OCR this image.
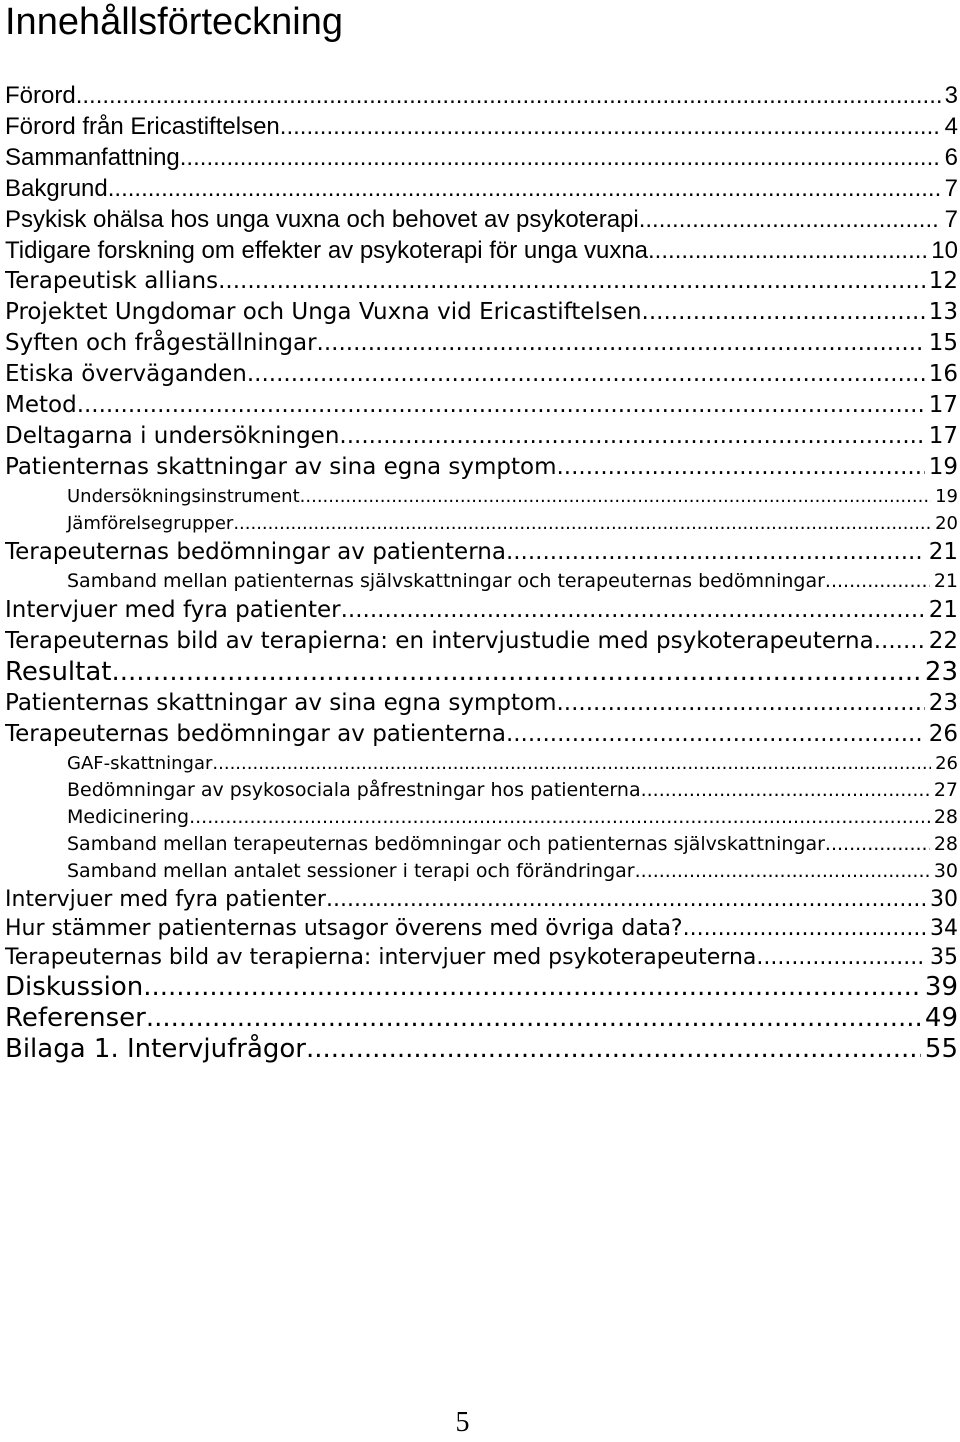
Innehållsförteckning
Förord .....	3
Förord från Ericastiftelsen .....	4
Sammanfattning .....	6
Bakgrund .....	7
Psykisk ohälsa hos unga vuxna och behovet av psykoterapi .....	7
Tidigare forskning om effekter av psykoterapi för unga vuxna .....	10
Terapeutisk allians .....	12
Projektet Ungdomar och Unga Vuxna vid Ericastiftelsen .....	13
Syften och frågeställningar .....	15
Etiska överväganden .....	16
Metod .....	17
Deltagarna i undersökningen .....	17
Patienternas skattningar av sina egna symptom .....	19
Undersökningsinstrument .....	19
Jämförelsegrupper .....	20
Terapeuternas bedömningar av patienterna .....	21
Samband mellan patienternas självskattningar och terapeuternas bedömningar .....	21
Intervjuer med fyra patienter .....	21
Terapeuternas bild av terapierna: en intervjustudie med psykoterapeuterna ..... 22
Resultat .....	23
Patienternas skattningar av sina egna symptom .....	23
Terapeuternas bedömningar av patienterna .....	26
GAF-skattningar .....	26
Bedömningar av psykosociala påfrestningar hos patienterna .....	27
Medicinering .....	28
Samband mellan terapeuternas bedömningar och patienternas självskattningar .....	28
Samband mellan antalet sessioner i terapi och förändringar .....	30
Intervjuer med fyra patienter .....	30
Hur stämmer patienternas utsagor överens med övriga data? .....	34
Terapeuternas bild av terapierna: intervjuer med psykoterapeuterna .....	35
Diskussion .....	39
Referenser .....	49
Bilaga 1. Intervjufrågor .....	55
5
